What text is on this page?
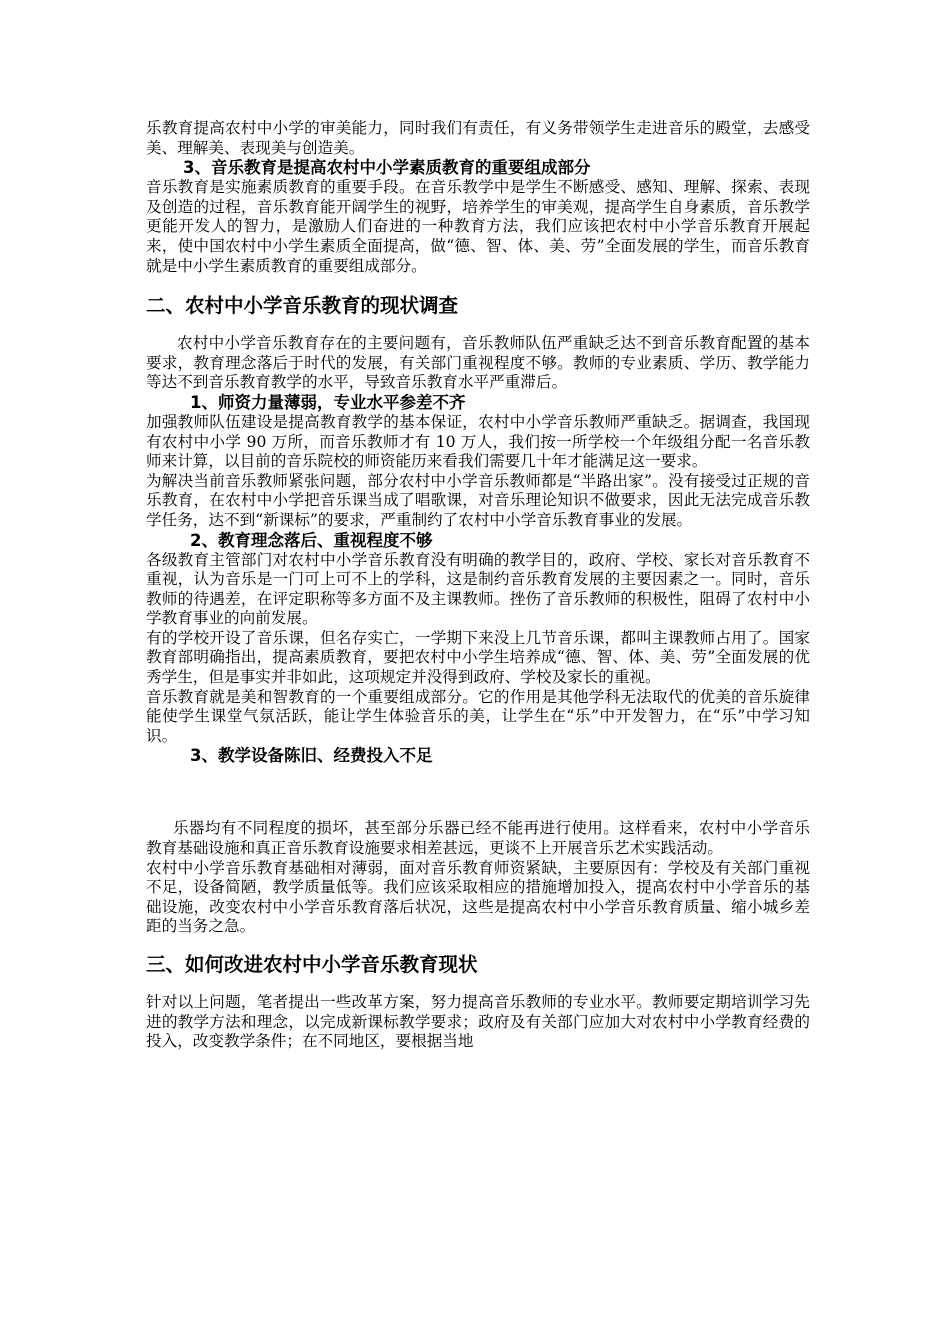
乐教育提高农村中小学的审美能力，同时我们有责任，有义务带领学生走进音乐的殿堂，去感受美、理解美、表现美与创造美。

3、音乐教育是提高农村中小学素质教育的重要组成部分

音乐教育是实施素质教育的重要手段。在音乐教学中是学生不断感受、感知、理解、探索、表现及创造的过程，音乐教育能开阔学生的视野，培养学生的审美观，提高学生自身素质，音乐教学更能开发人的智力，是激励人们奋进的一种教育方法，我们应该把农村中小学音乐教育开展起来，使中国农村中小学生素质全面提高，做“德、智、体、美、劳”全面发展的学生，而音乐教育就是中小学生素质教育的重要组成部分。

二、农村中小学音乐教育的现状调查

农村中小学音乐教育存在的主要问题有，音乐教师队伍严重缺乏达不到音乐教育配置的基本要求，教育理念落后于时代的发展，有关部门重视程度不够。教师的专业素质、学历、教学能力等达不到音乐教育教学的水平，导致音乐教育水平严重滞后。

1、师资力量薄弱，专业水平参差不齐

加强教师队伍建设是提高教育教学的基本保证，农村中小学音乐教师严重缺乏。据调查，我国现有农村中小学 90 万所，而音乐教师才有 10 万人，我们按一所学校一个年级组分配一名音乐教师来计算，以目前的音乐院校的师资能历来看我们需要几十年才能满足这一要求。

为解决当前音乐教师紧张问题，部分农村中小学音乐教师都是“半路出家”。没有接受过正规的音乐教育，在农村中小学把音乐课当成了唱歌课，对音乐理论知识不做要求，因此无法完成音乐教学任务，达不到“新课标”的要求，严重制约了农村中小学音乐教育事业的发展。

2、教育理念落后、重视程度不够

各级教育主管部门对农村中小学音乐教育没有明确的教学目的，政府、学校、家长对音乐教育不重视，认为音乐是一门可上可不上的学科，这是制约音乐教育发展的主要因素之一。同时，音乐教师的待遇差，在评定职称等多方面不及主课教师。挫伤了音乐教师的积极性，阻碍了农村中小学教育事业的向前发展。

有的学校开设了音乐课，但名存实亡，一学期下来没上几节音乐课，都叫主课教师占用了。国家教育部明确指出，提高素质教育，要把农村中小学生培养成“德、智、体、美、劳”全面发展的优秀学生，但是事实并非如此，这项规定并没得到政府、学校及家长的重视。

音乐教育就是美和智教育的一个重要组成部分。它的作用是其他学科无法取代的优美的音乐旋律能使学生课堂气氛活跃，能让学生体验音乐的美，让学生在“乐”中开发智力，在“乐”中学习知识。

3、教学设备陈旧、经费投入不足

乐器均有不同程度的损坏，甚至部分乐器已经不能再进行使用。这样看来，农村中小学音乐教育基础设施和真正音乐教育设施要求相差甚远，更谈不上开展音乐艺术实践活动。

农村中小学音乐教育基础相对薄弱，面对音乐教育师资紧缺，主要原因有：学校及有关部门重视不足，设备简陋，教学质量低等。我们应该采取相应的措施增加投入，提高农村中小学音乐的基础设施，改变农村中小学音乐教育落后状况，这些是提高农村中小学音乐教育质量、缩小城乡差距的当务之急。

三、如何改进农村中小学音乐教育现状

针对以上问题，笔者提出一些改革方案，努力提高音乐教师的专业水平。教师要定期培训学习先进的教学方法和理念，以完成新课标教学要求；政府及有关部门应加大对农村中小学教育经费的投入，改变教学条件；在不同地区，要根据当地
